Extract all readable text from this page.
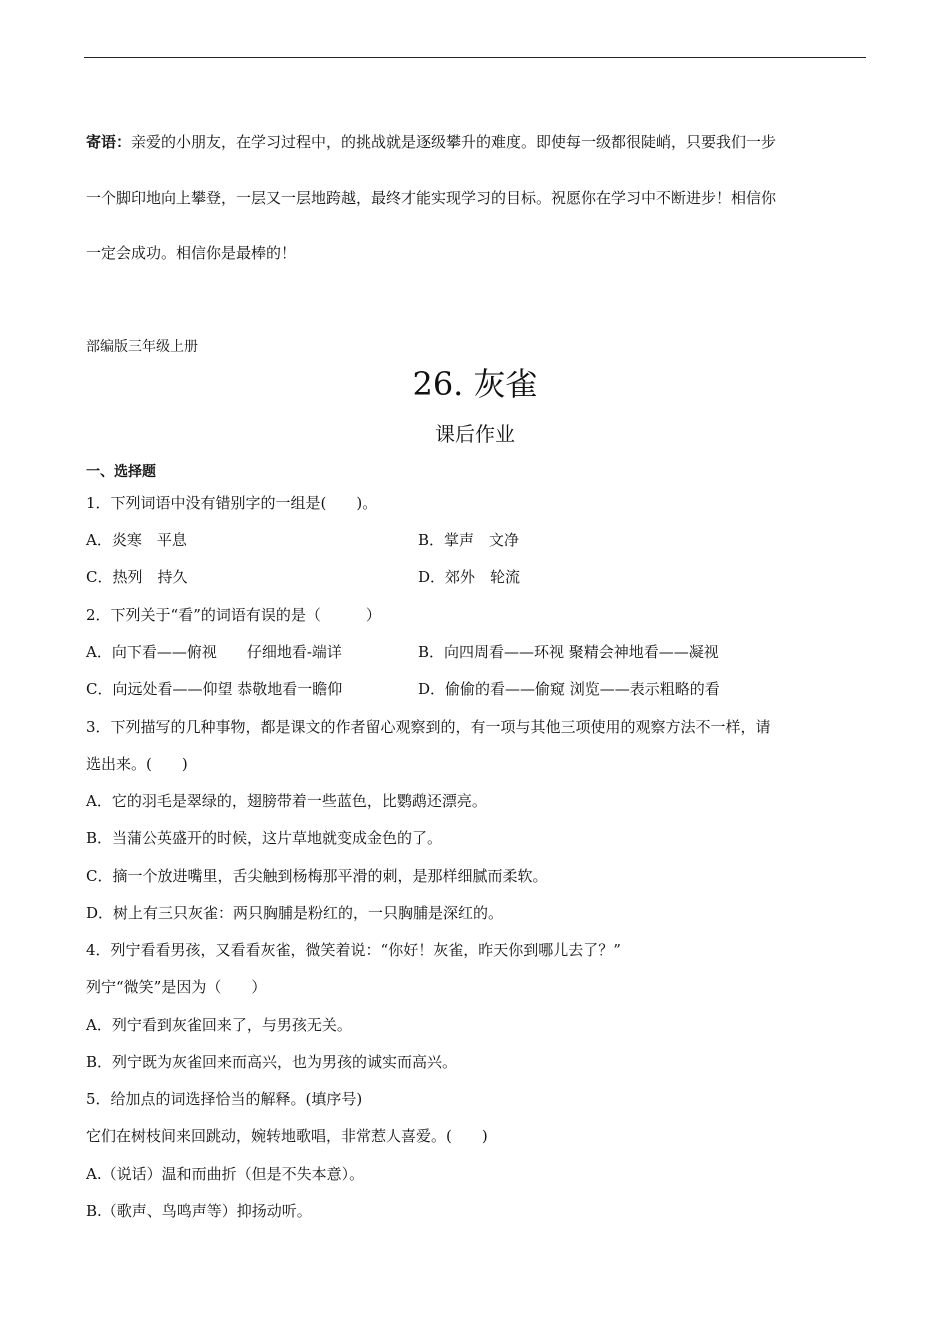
寄语：亲爱的小朋友，在学习过程中，的挑战就是逐级攀升的难度。即使每一级都很陡峭，只要我们一步
一个脚印地向上攀登，一层又一层地跨越，最终才能实现学习的目标。祝愿你在学习中不断进步！相信你
一定会成功。相信你是最棒的！
部编版三年级上册
26. 灰雀
课后作业
一、选择题
1．下列词语中没有错别字的一组是(　　)。
A．炎寒　平息	B．掌声　文净
C．热列　持久	D．郊外　轮流
2．下列关于“看”的词语有误的是（　　　）
A．向下看——俯视　　仔细地看-端详	B．向四周看——环视 聚精会神地看——凝视
C．向远处看——仰望 恭敬地看一瞻仰	D．偷偷的看——偷窥 浏览——表示粗略的看
3．下列描写的几种事物，都是课文的作者留心观察到的，有一项与其他三项使用的观察方法不一样，请
选出来。(　　)
A．它的羽毛是翠绿的，翅膀带着一些蓝色，比鹦鹉还漂亮。
B．当蒲公英盛开的时候，这片草地就变成金色的了。
C．摘一个放进嘴里，舌尖触到杨梅那平滑的刺，是那样细腻而柔软。
D．树上有三只灰雀：两只胸脯是粉红的，一只胸脯是深红的。
4．列宁看看男孩，又看看灰雀，微笑着说：“你好！灰雀，昨天你到哪儿去了？”
列宁“微笑”是因为（　　）
A．列宁看到灰雀回来了，与男孩无关。
B．列宁既为灰雀回来而高兴，也为男孩的诚实而高兴。
5．给加点的词选择恰当的解释。(填序号)
它们在树枝间来回跳动，婉转地歌唱，非常惹人喜爱。(　　)
A.（说话）温和而曲折（但是不失本意）。
B.（歌声、鸟鸣声等）抑扬动听。
